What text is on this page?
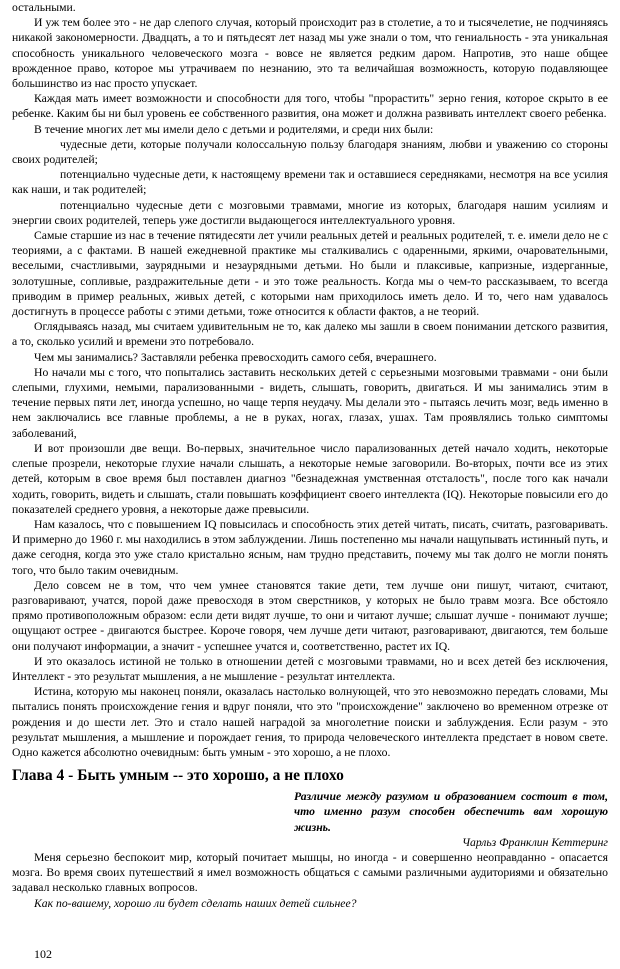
остальными.

И уж тем более это - не дар слепого случая, который происходит раз в столетие, а то и тысячелетие, не подчиняясь никакой закономерности. Двадцать, а то и пятьдесят лет назад мы уже знали о том, что гениальность - эта уникальная способность уникального человеческого мозга - вовсе не является редким даром. Напротив, это наше общее врожденное право, которое мы утрачиваем по незнанию, это та величайшая возможность, которую подавляющее большинство из нас просто упускает.

Каждая мать имеет возможности и способности для того, чтобы "прорастить" зерно гения, которое скрыто в ее ребенке. Каким бы ни был уровень ее собственного развития, она может и должна развивать интеллект своего ребенка.

В течение многих лет мы имели дело с детьми и родителями, и среди них были:

чудесные дети, которые получали колоссальную пользу благодаря знаниям, любви и уважению со стороны своих родителей;

потенциально чудесные дети, к настоящему времени так и оставшиеся середняками, несмотря на все усилия как наши, и так родителей;

потенциально чудесные дети с мозговыми травмами, многие из которых, благодаря нашим усилиям и энергии своих родителей, теперь уже достигли выдающегося интеллектуального уровня.

Самые старшие из нас в течение пятидесяти лет учили реальных детей и реальных родителей, т. е. имели дело не с теориями, а с фактами. В нашей ежедневной практике мы сталкивались с одаренными, яркими, очаровательными, веселыми, счастливыми, заурядными и незаурядными детьми. Но были и плаксивые, капризные, издерганные, золотушные, сопливые, раздражительные дети - и это тоже реальность. Когда мы о чем-то рассказываем, то всегда приводим в пример реальных, живых детей, с которыми нам приходилось иметь дело. И то, чего нам удавалось достигнуть в процессе работы с этими детьми, тоже относится к области фактов, а не теорий.

Оглядываясь назад, мы считаем удивительным не то, как далеко мы зашли в своем понимании детского развития, а то, сколько усилий и времени это потребовало.

Чем мы занимались? Заставляли ребенка превосходить самого себя, вчерашнего.

Но начали мы с того, что попытались заставить нескольких детей с серьезными мозговыми травмами - они были слепыми, глухими, немыми, парализованными - видеть, слышать, говорить, двигаться. И мы занимались этим в течение первых пяти лет, иногда успешно, но чаще терпя неудачу. Мы делали это - пытаясь лечить мозг, ведь именно в нем заключались все главные проблемы, а не в руках, ногах, глазах, ушах. Там проявлялись только симптомы заболеваний,

И вот произошли две вещи. Во-первых, значительное число парализованных детей начало ходить, некоторые слепые прозрели, некоторые глухие начали слышать, а некоторые немые заговорили. Во-вторых, почти все из этих детей, которым в свое время был поставлен диагноз "безнадежная умственная отсталость", после того как начали ходить, говорить, видеть и слышать, стали повышать коэффициент своего интеллекта (IQ). Некоторые повысили его до показателей среднего уровня, а некоторые даже превысили.

Нам казалось, что с повышением IQ повысилась и способность этих детей читать, писать, считать, разговаривать. И примерно до 1960 г. мы находились в этом заблуждении. Лишь постепенно мы начали нащупывать истинный путь, и даже сегодня, когда это уже стало кристально ясным, нам трудно представить, почему мы так долго не могли понять того, что было таким очевидным.

Дело совсем не в том, что чем умнее становятся такие дети, тем лучше они пишут, читают, считают, разговаривают, учатся, порой даже превосходя в этом сверстников, у которых не было травм мозга. Все обстояло прямо противоположным образом: если дети видят лучше, то они и читают лучше; слышат лучше - понимают лучше; ощущают острее - двигаются быстрее. Короче говоря, чем лучше дети читают, разговаривают, двигаются, тем больше они получают информации, а значит - успешнее учатся и, соответственно, растет их IQ.

И это оказалось истиной не только в отношении детей с мозговыми травмами, но и всех детей без исключения, Интеллект - это результат мышления, а не мышление - результат интеллекта.

Истина, которую мы наконец поняли, оказалась настолько волнующей, что это невозможно передать словами, Мы пытались понять происхождение гения и вдруг поняли, что это "происхождение" заключено во временном отрезке от рождения и до шести лет. Это и стало нашей наградой за многолетние поиски и заблуждения. Если разум - это результат мышления, а мышление и порождает гения, то природа человеческого интеллекта предстает в новом свете. Одно кажется абсолютно очевидным: быть умным - это хорошо, а не плохо.

Глава 4 - Быть умным -- это хорошо, а не плохо

Различие между разумом и образованием состоит в том, что именно разум способен обеспечить вам хорошую жизнь.

Чарльз Франклин Кеттеринг

Меня серьезно беспокоит мир, который почитает мышцы, но иногда - и совершенно неоправданно - опасается мозга. Во время своих путешествий я имел возможность общаться с самыми различными аудиториями и обязательно задавал несколько главных вопросов.

Как по-вашему, хорошо ли будет сделать наших детей сильнее?

102
